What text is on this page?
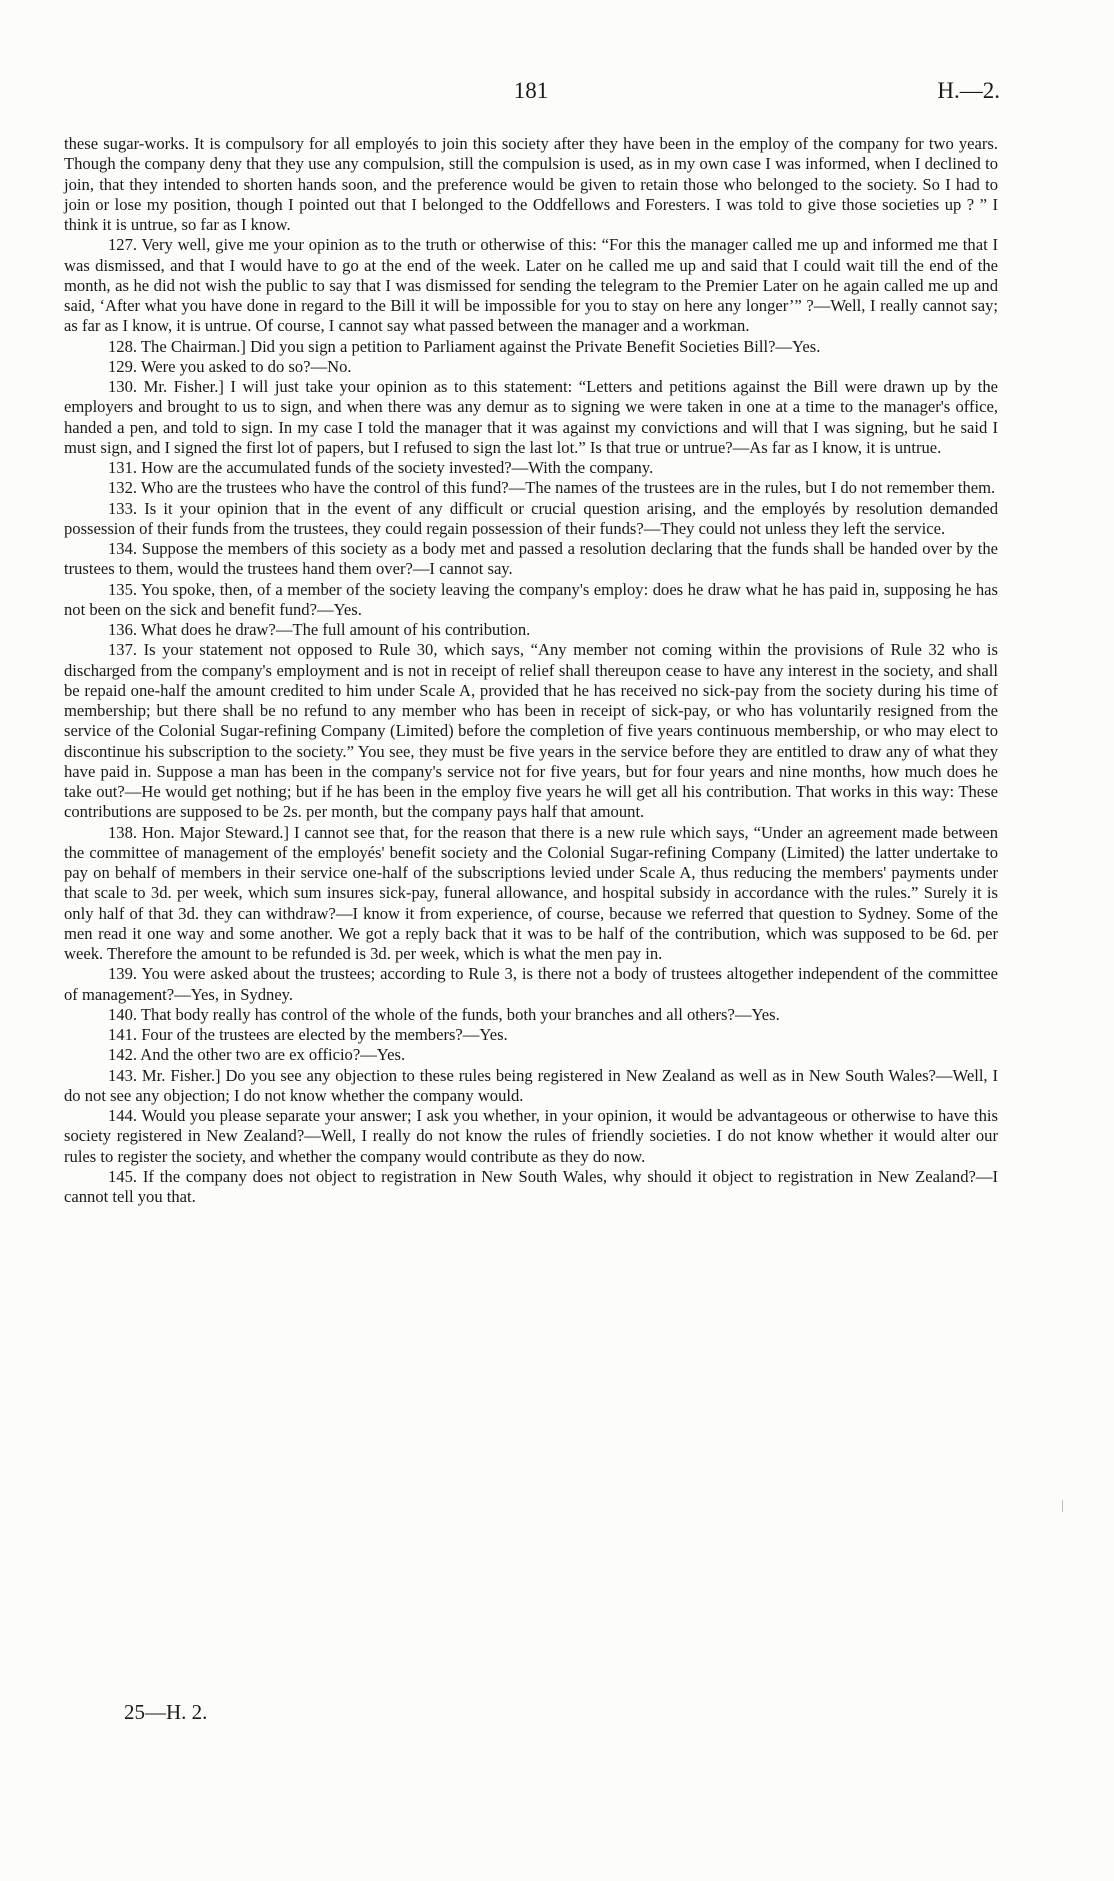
181	H.—2.

these sugar-works. It is compulsory for all employés to join this society after they have been in the employ of the company for two years. Though the company deny that they use any compulsion, still the compulsion is used, as in my own case I was informed, when I declined to join, that they intended to shorten hands soon, and the preference would be given to retain those who belonged to the society. So I had to join or lose my position, though I pointed out that I belonged to the Oddfellows and Foresters. I was told to give those societies up ? ” I think it is untrue, so far as I know.

127. Very well, give me your opinion as to the truth or otherwise of this: “For this the manager called me up and informed me that I was dismissed, and that I would have to go at the end of the week. Later on he called me up and said that I could wait till the end of the month, as he did not wish the public to say that I was dismissed for sending the telegram to the Premier Later on he again called me up and said, ‘After what you have done in regard to the Bill it will be impossible for you to stay on here any longer’” ?—Well, I really cannot say; as far as I know, it is untrue. Of course, I cannot say what passed between the manager and a workman.

128. The Chairman.] Did you sign a petition to Parliament against the Private Benefit Societies Bill?—Yes.

129. Were you asked to do so?—No.

130. Mr. Fisher.] I will just take your opinion as to this statement: “Letters and petitions against the Bill were drawn up by the employers and brought to us to sign, and when there was any demur as to signing we were taken in one at a time to the manager's office, handed a pen, and told to sign. In my case I told the manager that it was against my convictions and will that I was signing, but he said I must sign, and I signed the first lot of papers, but I refused to sign the last lot.” Is that true or untrue?—As far as I know, it is untrue.

131. How are the accumulated funds of the society invested?—With the company.

132. Who are the trustees who have the control of this fund?—The names of the trustees are in the rules, but I do not remember them.

133. Is it your opinion that in the event of any difficult or crucial question arising, and the employés by resolution demanded possession of their funds from the trustees, they could regain possession of their funds?—They could not unless they left the service.

134. Suppose the members of this society as a body met and passed a resolution declaring that the funds shall be handed over by the trustees to them, would the trustees hand them over?—I cannot say.

135. You spoke, then, of a member of the society leaving the company's employ: does he draw what he has paid in, supposing he has not been on the sick and benefit fund?—Yes.

136. What does he draw?—The full amount of his contribution.

137. Is your statement not opposed to Rule 30, which says, “Any member not coming within the provisions of Rule 32 who is discharged from the company's employment and is not in receipt of relief shall thereupon cease to have any interest in the society, and shall be repaid one-half the amount credited to him under Scale A, provided that he has received no sick-pay from the society during his time of membership; but there shall be no refund to any member who has been in receipt of sick-pay, or who has voluntarily resigned from the service of the Colonial Sugar-refining Company (Limited) before the completion of five years continuous membership, or who may elect to discontinue his subscription to the society.” You see, they must be five years in the service before they are entitled to draw any of what they have paid in. Suppose a man has been in the company's service not for five years, but for four years and nine months, how much does he take out?—He would get nothing; but if he has been in the employ five years he will get all his contribution. That works in this way: These contributions are supposed to be 2s. per month, but the company pays half that amount.

138. Hon. Major Steward.] I cannot see that, for the reason that there is a new rule which says, “Under an agreement made between the committee of management of the employés' benefit society and the Colonial Sugar-refining Company (Limited) the latter undertake to pay on behalf of members in their service one-half of the subscriptions levied under Scale A, thus reducing the members' payments under that scale to 3d. per week, which sum insures sick-pay, funeral allowance, and hospital subsidy in accordance with the rules.” Surely it is only half of that 3d. they can withdraw?—I know it from experience, of course, because we referred that question to Sydney. Some of the men read it one way and some another. We got a reply back that it was to be half of the contribution, which was supposed to be 6d. per week. Therefore the amount to be refunded is 3d. per week, which is what the men pay in.

139. You were asked about the trustees; according to Rule 3, is there not a body of trustees altogether independent of the committee of management?—Yes, in Sydney.

140. That body really has control of the whole of the funds, both your branches and all others?—Yes.

141. Four of the trustees are elected by the members?—Yes.

142. And the other two are ex officio?—Yes.

143. Mr. Fisher.] Do you see any objection to these rules being registered in New Zealand as well as in New South Wales?—Well, I do not see any objection; I do not know whether the company would.

144. Would you please separate your answer; I ask you whether, in your opinion, it would be advantageous or otherwise to have this society registered in New Zealand?—Well, I really do not know the rules of friendly societies. I do not know whether it would alter our rules to register the society, and whether the company would contribute as they do now.

145. If the company does not object to registration in New South Wales, why should it object to registration in New Zealand?—I cannot tell you that.

25—H. 2.
